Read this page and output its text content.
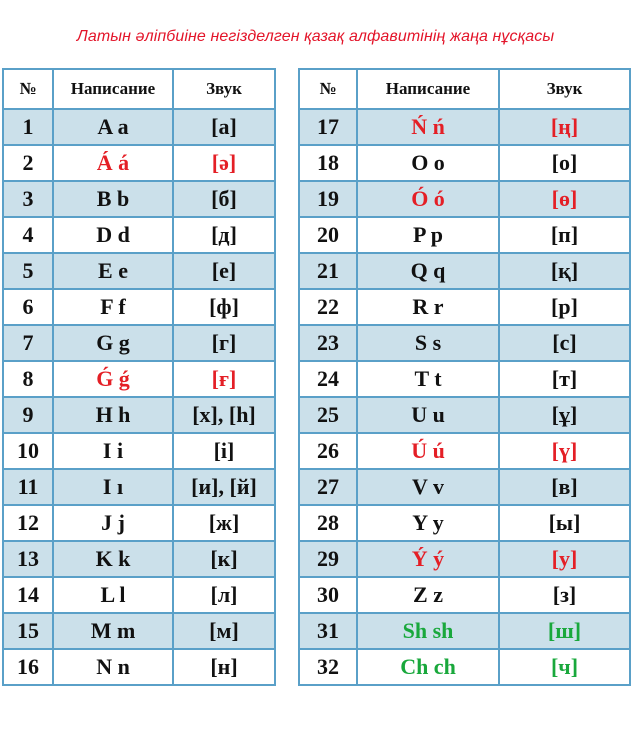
Латын әліпбиіне негізделген қазақ алфавитінің жаңа нұсқасы
№	Написание	Звук
1	A a	[а]
2	Á á	[ә]
3	B b	[б]
4	D d	[д]
5	E e	[е]
6	F f	[ф]
7	G g	[г]
8	Ǵ ǵ	[ғ]
9	H h	[х], [h]
10	I i	[і]
11	I ı	[и], [й]
12	J j	[ж]
13	K k	[к]
14	L l	[л]
15	M m	[м]
16	N n	[н]
№	Написание	Звук
17	Ń ń	[ң]
18	O o	[о]
19	Ó ó	[ө]
20	P p	[п]
21	Q q	[қ]
22	R r	[р]
23	S s	[с]
24	T t	[т]
25	U u	[ұ]
26	Ú ú	[ү]
27	V v	[в]
28	Y y	[ы]
29	Ý ý	[у]
30	Z z	[з]
31	Sh sh	[ш]
32	Ch ch	[ч]
